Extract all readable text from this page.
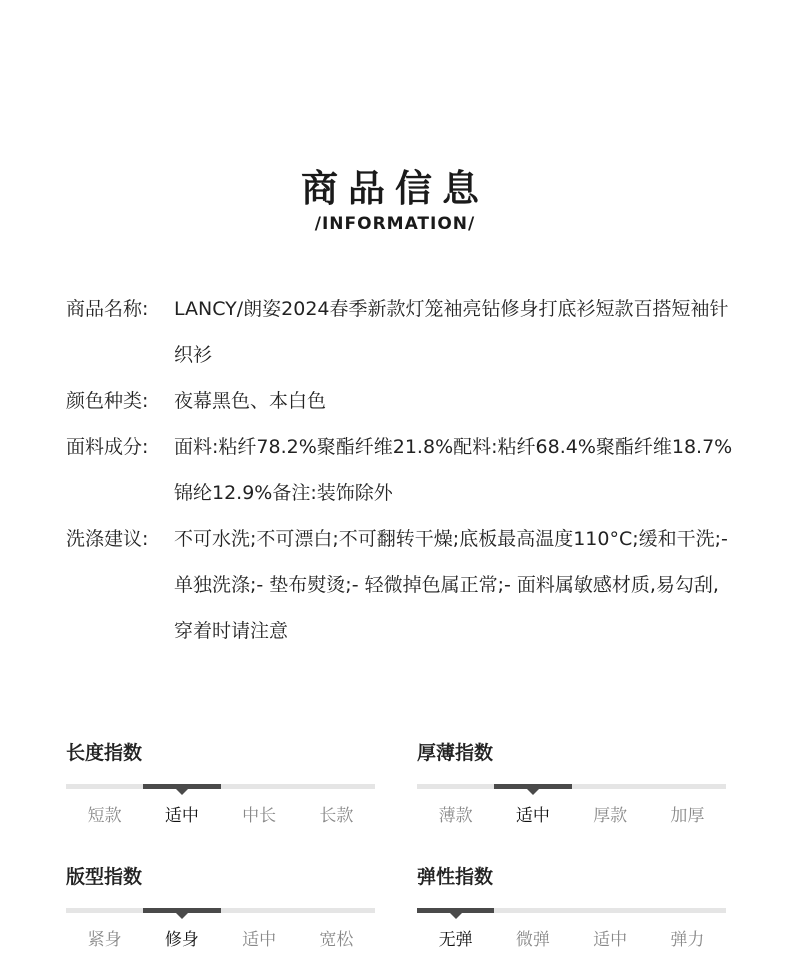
商品信息
/INFORMATION/
商品名称:	LANCY/朗姿2024春季新款灯笼袖亮钻修身打底衫短款百搭短袖针织衫
颜色种类:	夜幕黑色、本白色
面料成分:	面料:粘纤78.2%聚酯纤维21.8%配料:粘纤68.4%聚酯纤维18.7%锦纶12.9%备注:装饰除外
洗涤建议:	不可水洗;不可漂白;不可翻转干燥;底板最高温度110°C;缓和干洗;- 单独洗涤;- 垫布熨烫;- 轻微掉色属正常;- 面料属敏感材质,易勾刮,穿着时请注意
长度指数
短款	适中	中长	长款
厚薄指数
薄款	适中	厚款	加厚
版型指数
紧身	修身	适中	宽松
弹性指数
无弹	微弹	适中	弹力
